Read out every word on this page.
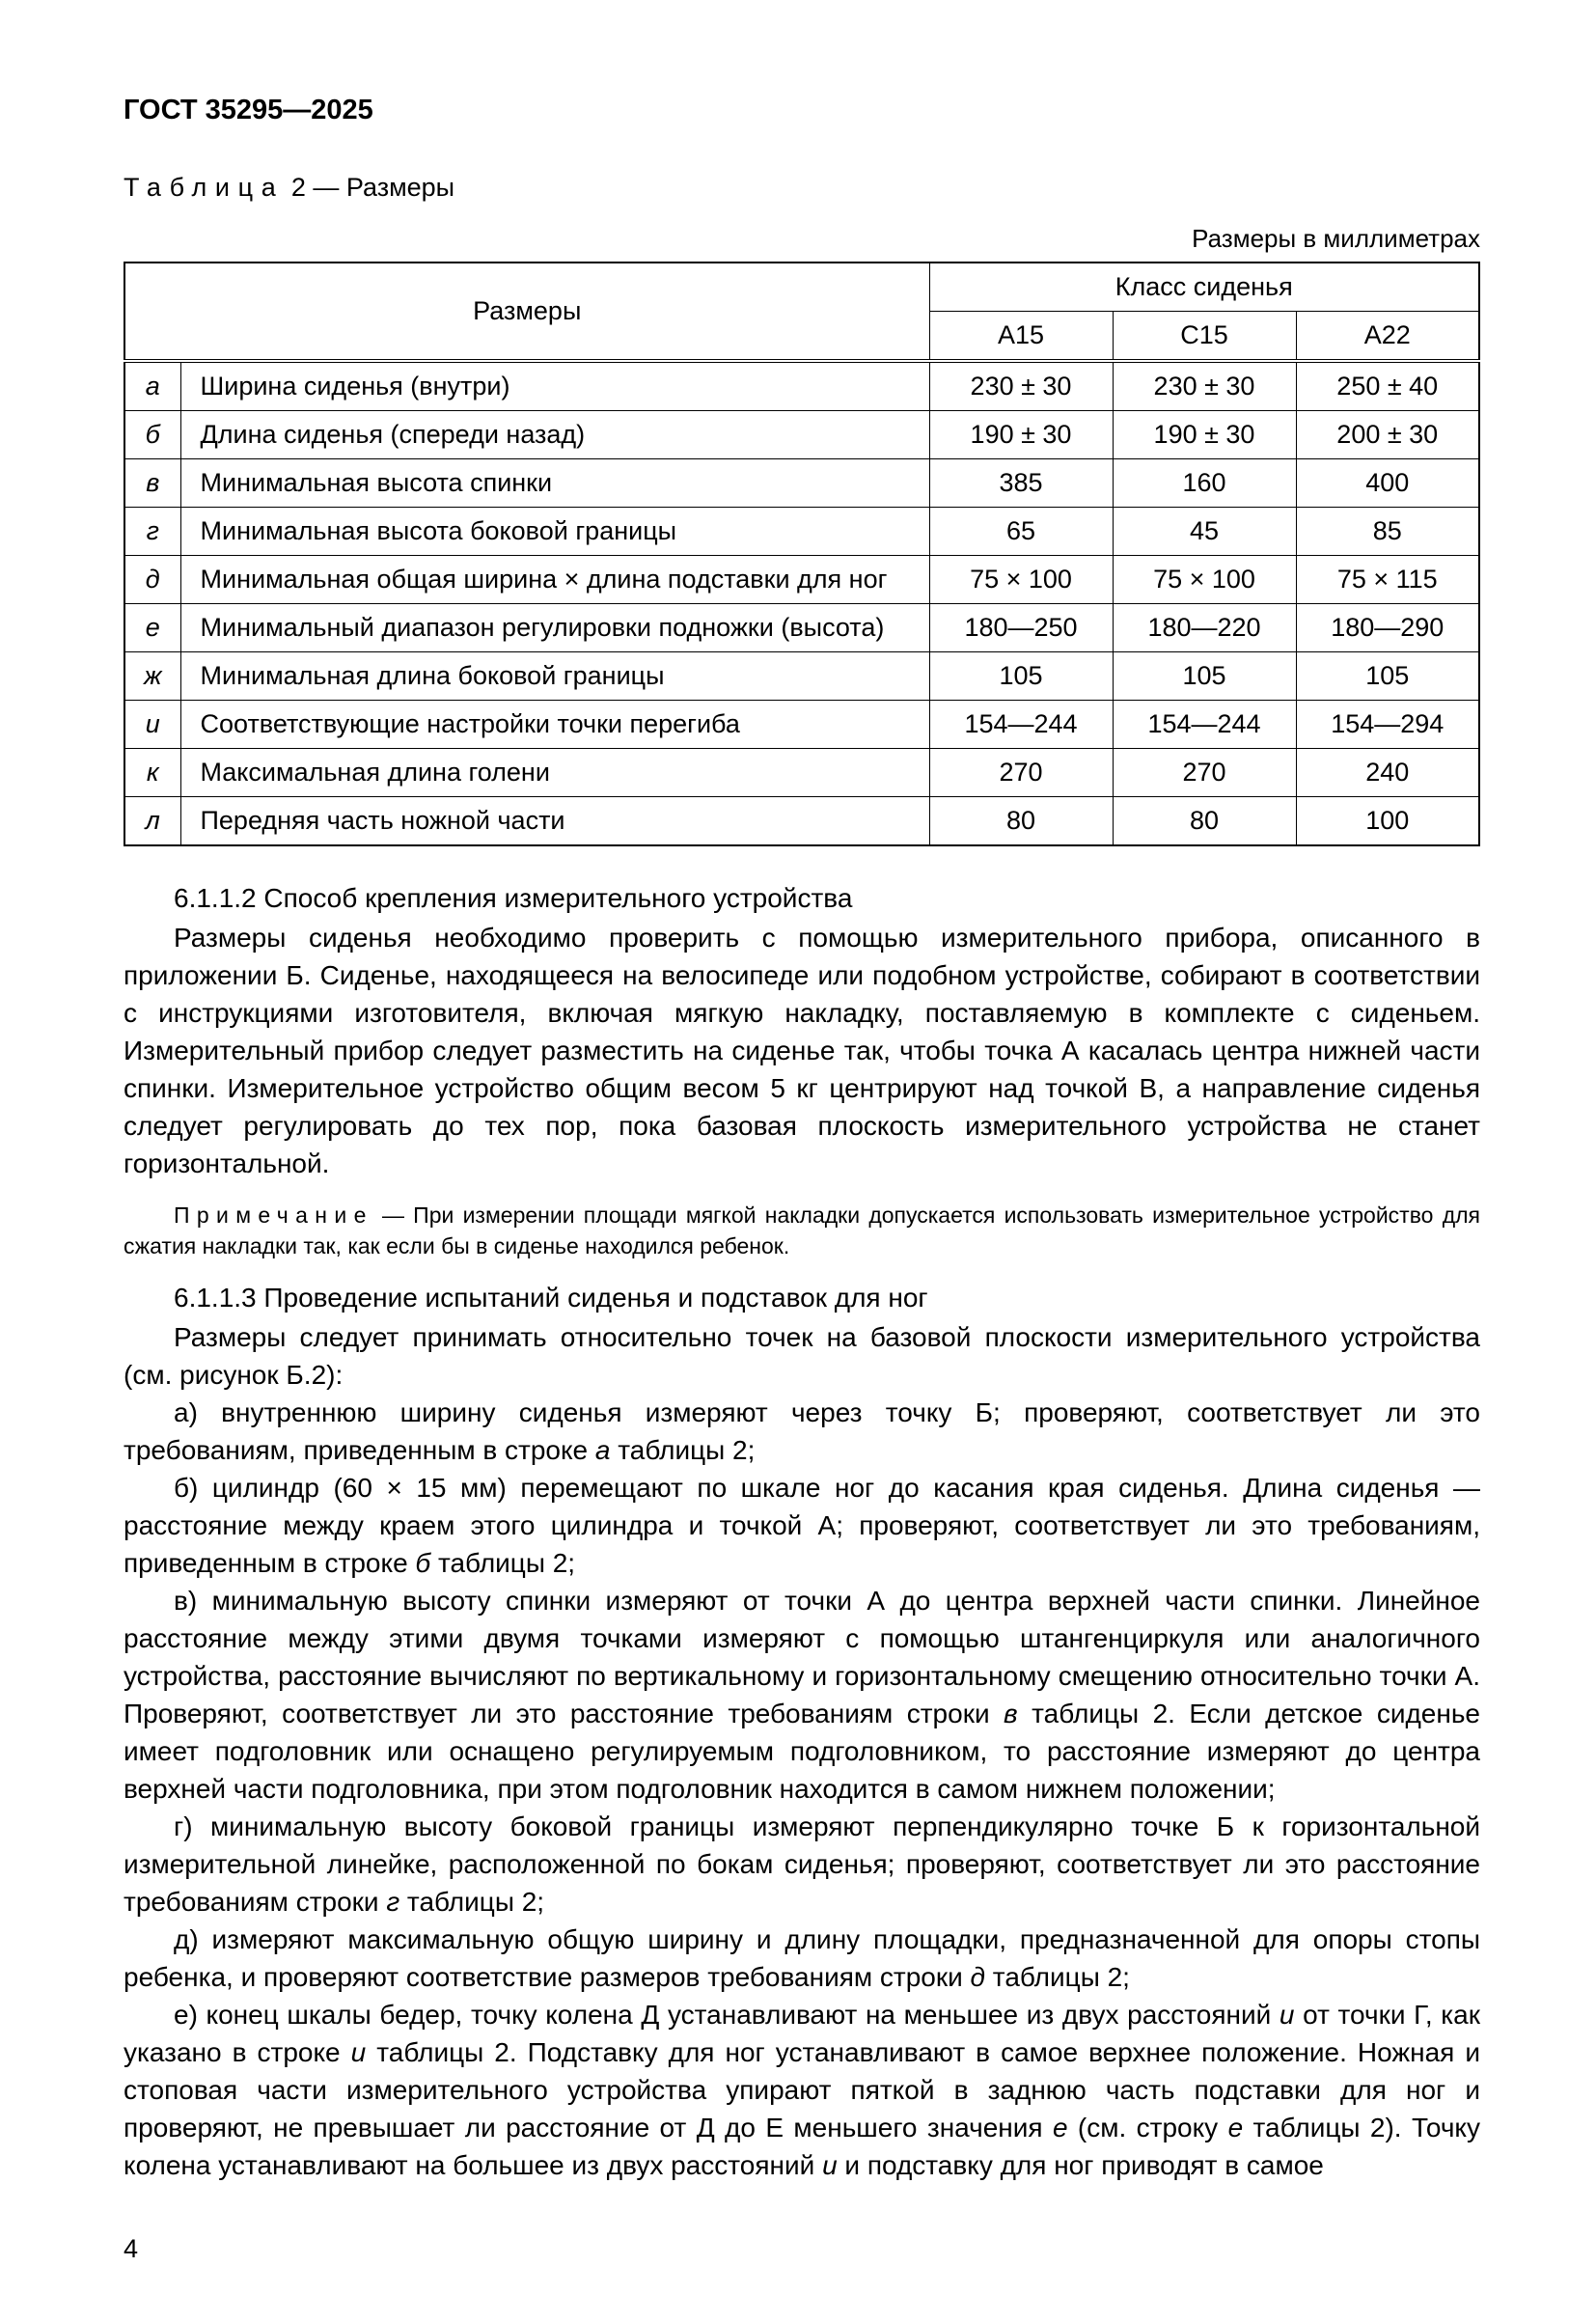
ГОСТ 35295—2025
Таблица 2 — Размеры
Размеры в миллиметрах
Размеры		Класс сиденья		
		А15	С15	А22
а	Ширина сиденья (внутри)	230 ± 30	230 ± 30	250 ± 40
б	Длина сиденья (спереди назад)	190 ± 30	190 ± 30	200 ± 30
в	Минимальная высота спинки	385	160	400
г	Минимальная высота боковой границы	65	45	85
д	Минимальная общая ширина × длина подставки для ног	75 × 100	75 × 100	75 × 115
е	Минимальный диапазон регулировки подножки (высота)	180—250	180—220	180—290
ж	Минимальная длина боковой границы	105	105	105
и	Соответствующие настройки точки перегиба	154—244	154—244	154—294
к	Максимальная длина голени	270	270	240
л	Передняя часть ножной части	80	80	100

6.1.1.2 Способ крепления измерительного устройства

Размеры сиденья необходимо проверить с помощью измерительного прибора, описанного в приложении Б. Сиденье, находящееся на велосипеде или подобном устройстве, собирают в соответствии с инструкциями изготовителя, включая мягкую накладку, поставляемую в комплекте с сиденьем. Измерительный прибор следует разместить на сиденье так, чтобы точка А касалась центра нижней части спинки. Измерительное устройство общим весом 5 кг центрируют над точкой В, а направление сиденья следует регулировать до тех пор, пока базовая плоскость измерительного устройства не станет горизонтальной.

Примечание — При измерении площади мягкой накладки допускается использовать измерительное устройство для сжатия накладки так, как если бы в сиденье находился ребенок.

6.1.1.3 Проведение испытаний сиденья и подставок для ног

Размеры следует принимать относительно точек на базовой плоскости измерительного устройства (см. рисунок Б.2):

а) внутреннюю ширину сиденья измеряют через точку Б; проверяют, соответствует ли это требованиям, приведенным в строке а таблицы 2;

б) цилиндр (60 × 15 мм) перемещают по шкале ног до касания края сиденья. Длина сиденья — расстояние между краем этого цилиндра и точкой А; проверяют, соответствует ли это требованиям, приведенным в строке б таблицы 2;

в) минимальную высоту спинки измеряют от точки А до центра верхней части спинки. Линейное расстояние между этими двумя точками измеряют с помощью штангенциркуля или аналогичного устройства, расстояние вычисляют по вертикальному и горизонтальному смещению относительно точки А. Проверяют, соответствует ли это расстояние требованиям строки в таблицы 2. Если детское сиденье имеет подголовник или оснащено регулируемым подголовником, то расстояние измеряют до центра верхней части подголовника, при этом подголовник находится в самом нижнем положении;

г) минимальную высоту боковой границы измеряют перпендикулярно точке Б к горизонтальной измерительной линейке, расположенной по бокам сиденья; проверяют, соответствует ли это расстояние требованиям строки г таблицы 2;

д) измеряют максимальную общую ширину и длину площадки, предназначенной для опоры стопы ребенка, и проверяют соответствие размеров требованиям строки д таблицы 2;

е) конец шкалы бедер, точку колена Д устанавливают на меньшее из двух расстояний и от точки Г, как указано в строке и таблицы 2. Подставку для ног устанавливают в самое верхнее положение. Ножная и стоповая части измерительного устройства упирают пяткой в заднюю часть подставки для ног и проверяют, не превышает ли расстояние от Д до Е меньшего значения е (см. строку е таблицы 2). Точку колена устанавливают на большее из двух расстояний и и подставку для ног приводят в самое

4
